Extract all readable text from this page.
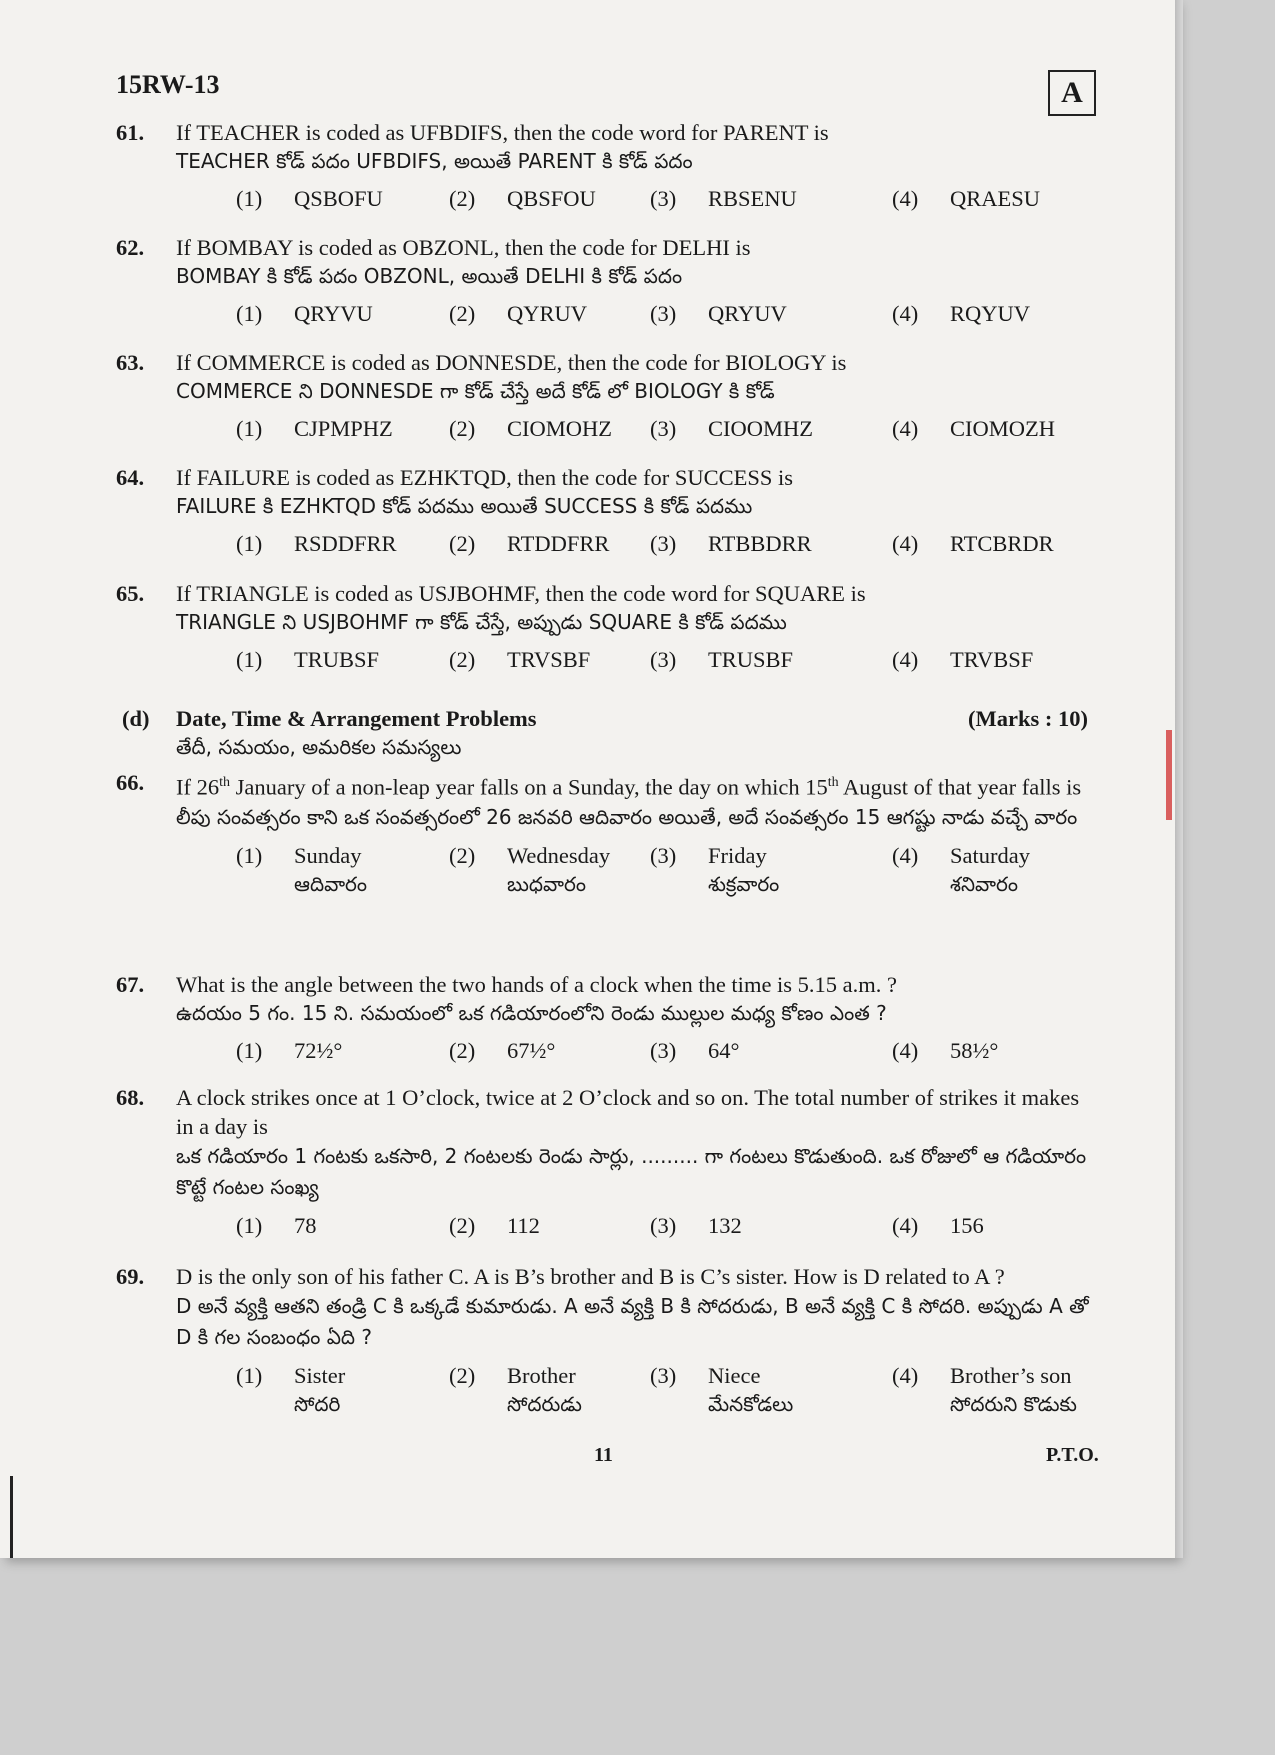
15RW-13	A
61. If TEACHER is coded as UFBDIFS, then the code word for PARENT is
TEACHER కోడ్ పదం UFBDIFS, అయితే PARENT కి కోడ్ పదం
(1) QSBOFU	(2) QBSFOU (3) RBSENU	(4) QRAESU
62. If BOMBAY is coded as OBZONL, then the code for DELHI is
BOMBAY కి కోడ్ పదం OBZONL, అయితే DELHI కి కోడ్ పదం
(1) QRYVU	(2) QYRUV	(3) QRYUV	(4) RQYUV
63. If COMMERCE is coded as DONNESDE, then the code for BIOLOGY is
COMMERCE ని DONNESDE గా కోడ్ చేస్తే అదే కోడ్ లో BIOLOGY కి కోడ్
(1) CJPMPHZ (2) CIOMOHZ (3) CIOOMHZ	(4) CIOMOZH
64. If FAILURE is coded as EZHKTQD, then the code for SUCCESS is
FAILURE కి EZHKTQD కోడ్ పదము అయితే SUCCESS కి కోడ్ పదము
(1) RSDDFRR (2) RTDDFRR (3) RTBBDRR	(4) RTCBRDR
65. If TRIANGLE is coded as USJBOHMF, then the code word for SQUARE is
TRIANGLE ని USJBOHMF గా కోడ్ చేస్తే, అప్పుడు SQUARE కి కోడ్ పదము
(1) TRUBSF	(2) TRVSBF	(3) TRUSBF	(4) TRVBSF
(d) Date, Time & Arrangement Problems	(Marks : 10)
తేదీ, సమయం, అమరికల సమస్యలు
66. If 26th January of a non-leap year falls on a Sunday, the day on which 15th August of that year falls is
లీపు సంవత్సరం కాని ఒక సంవత్సరంలో 26 జనవరి ఆదివారం అయితే, అదే సంవత్సరం 15 ఆగష్టు నాడు వచ్చే వారం
(1) Sunday
ఆదివారం
(2) Wednesday
బుధవారం
(3) Friday
శుక్రవారం
(4) Saturday
శనివారం
67. What is the angle between the two hands of a clock when the time is 5.15 a.m. ?
ఉదయం 5 గం. 15 ని. సమయంలో ఒక గడియారంలోని రెండు ముల్లుల మధ్య కోణం ఎంత ?
(1) 72½°	(2) 67½°	(3) 64°	(4) 58½°
68. A clock strikes once at 1 O’clock, twice at 2 O’clock and so on. The total number of strikes it makes in a day is
ఒక గడియారం 1 గంటకు ఒకసారి, 2 గంటలకు రెండు సార్లు, ......... గా గంటలు కొడుతుంది. ఒక రోజులో ఆ గడియారం కొట్టే గంటల సంఖ్య
(1) 78	(2) 112	(3) 132	(4) 156
69. D is the only son of his father C. A is B’s brother and B is C’s sister. How is D related to A ?
D అనే వ్యక్తి ఆతని తండ్రి C కి ఒక్కడే కుమారుడు. A అనే వ్యక్తి B కి సోదరుడు, B అనే వ్యక్తి C కి సోదరి. అప్పుడు A తో D కి గల సంబంధం ఏది ?
(1) Sister
సోదరి
(2) Brother
సోదరుడు
(3) Niece
మేనకోడలు
(4) Brother’s son
సోదరుని కొడుకు
11	P.T.O.
